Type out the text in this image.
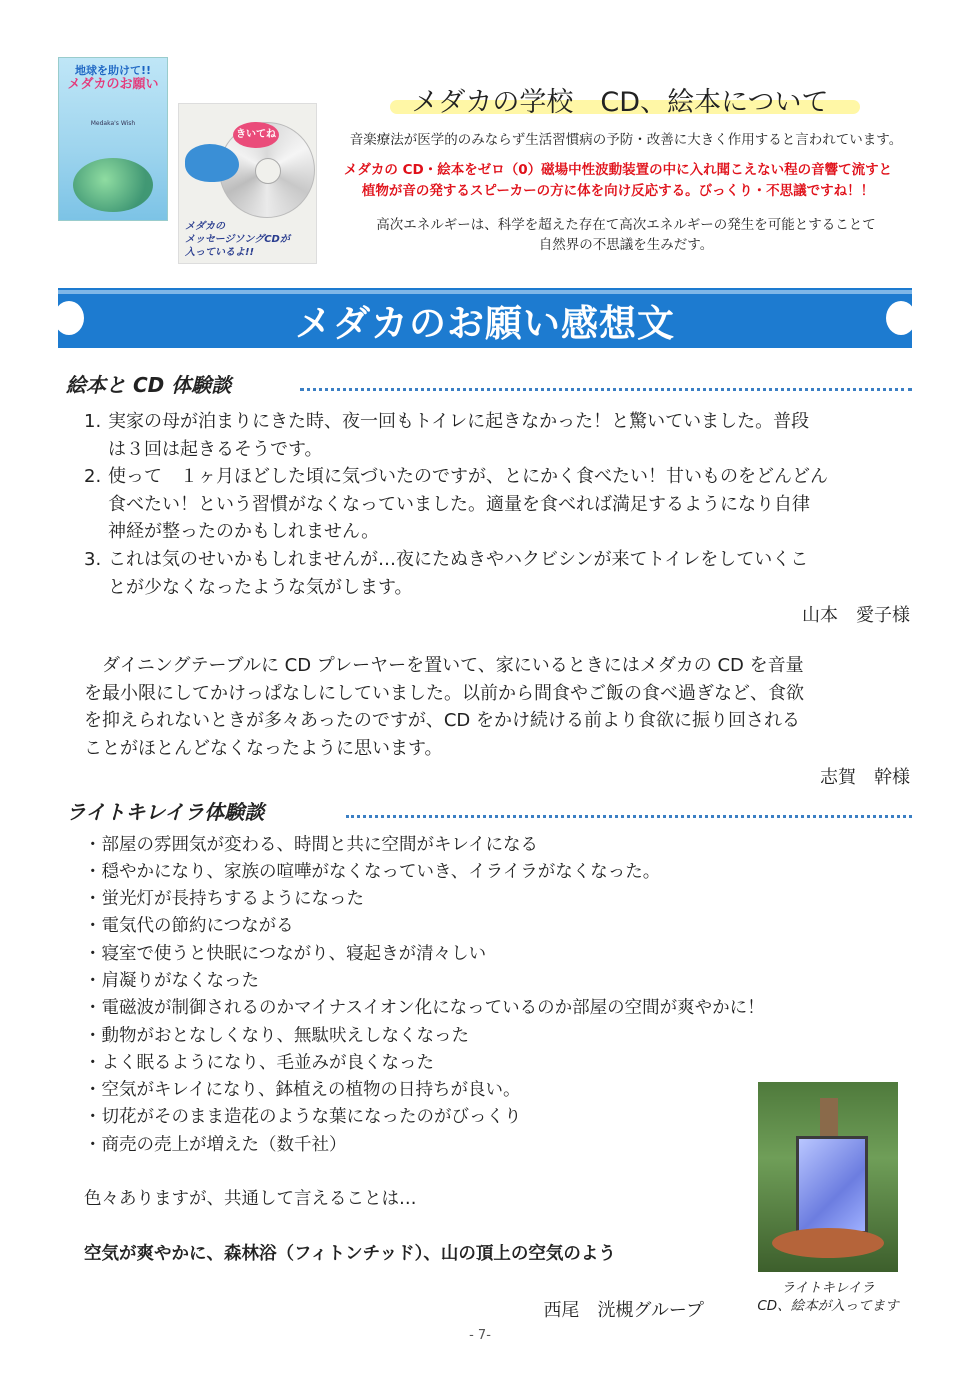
地球を助けて!!
メダカのお願い
Medaka's Wish
きいてね
メダカの
メッセージソングCDが
入っているよ!!
メダカの学校　CD、絵本について
音楽療法が医学的のみならず生活習慣病の予防・改善に大きく作用すると言われています。
メダカの CD・絵本をゼロ（0）磁場中性波動装置の中に入れ聞こえない程の音響て流すと
植物が音の発するスピーカーの方に体を向け反応する。びっくり・不思議ですね！！
高次エネルギーは、科学を超えた存在て高次エネルギーの発生を可能とすることて
自然界の不思議を生みだす。
メダカのお願い感想文
絵本と CD 体験談
1. 実家の母が泊まりにきた時、夜一回もトイレに起きなかった！と驚いていました。普段
は３回は起きるそうです。
2. 使って　１ヶ月ほどした頃に気づいたのですが、とにかく食べたい！甘いものをどんどん
食べたい！という習慣がなくなっていました。適量を食べれば満足するようになり自律
神経が整ったのかもしれません。
3. これは気のせいかもしれませんが…夜にたぬきやハクビシンが来てトイレをしていくこ
とが少なくなったような気がします。
山本　愛子様
　ダイニングテーブルに CD プレーヤーを置いて、家にいるときにはメダカの CD を音量
を最小限にしてかけっぱなしにしていました。以前から間食やご飯の食べ過ぎなど、食欲
を抑えられないときが多々あったのですが、CD をかけ続ける前より食欲に振り回される
ことがほとんどなくなったように思います。
志賀　幹様
ライトキレイラ体験談
・部屋の雰囲気が変わる、時間と共に空間がキレイになる
・穏やかになり、家族の喧嘩がなくなっていき、イライラがなくなった。
・蛍光灯が長持ちするようになった
・電気代の節約につながる
・寝室で使うと快眠につながり、寝起きが清々しい
・肩凝りがなくなった
・電磁波が制御されるのかマイナスイオン化になっているのか部屋の空間が爽やかに！
・動物がおとなしくなり、無駄吠えしなくなった
・よく眠るようになり、毛並みが良くなった
・空気がキレイになり、鉢植えの植物の日持ちが良い。
・切花がそのまま造花のような葉になったのがびっくり
・商売の売上が増えた（数千社）
色々ありますが、共通して言えることは…
空気が爽やかに、森林浴（フィトンチッド）、山の頂上の空気のよう
西尾　洸槻グループ
ライトキレイラ
CD、絵本が入ってます
- 7-
